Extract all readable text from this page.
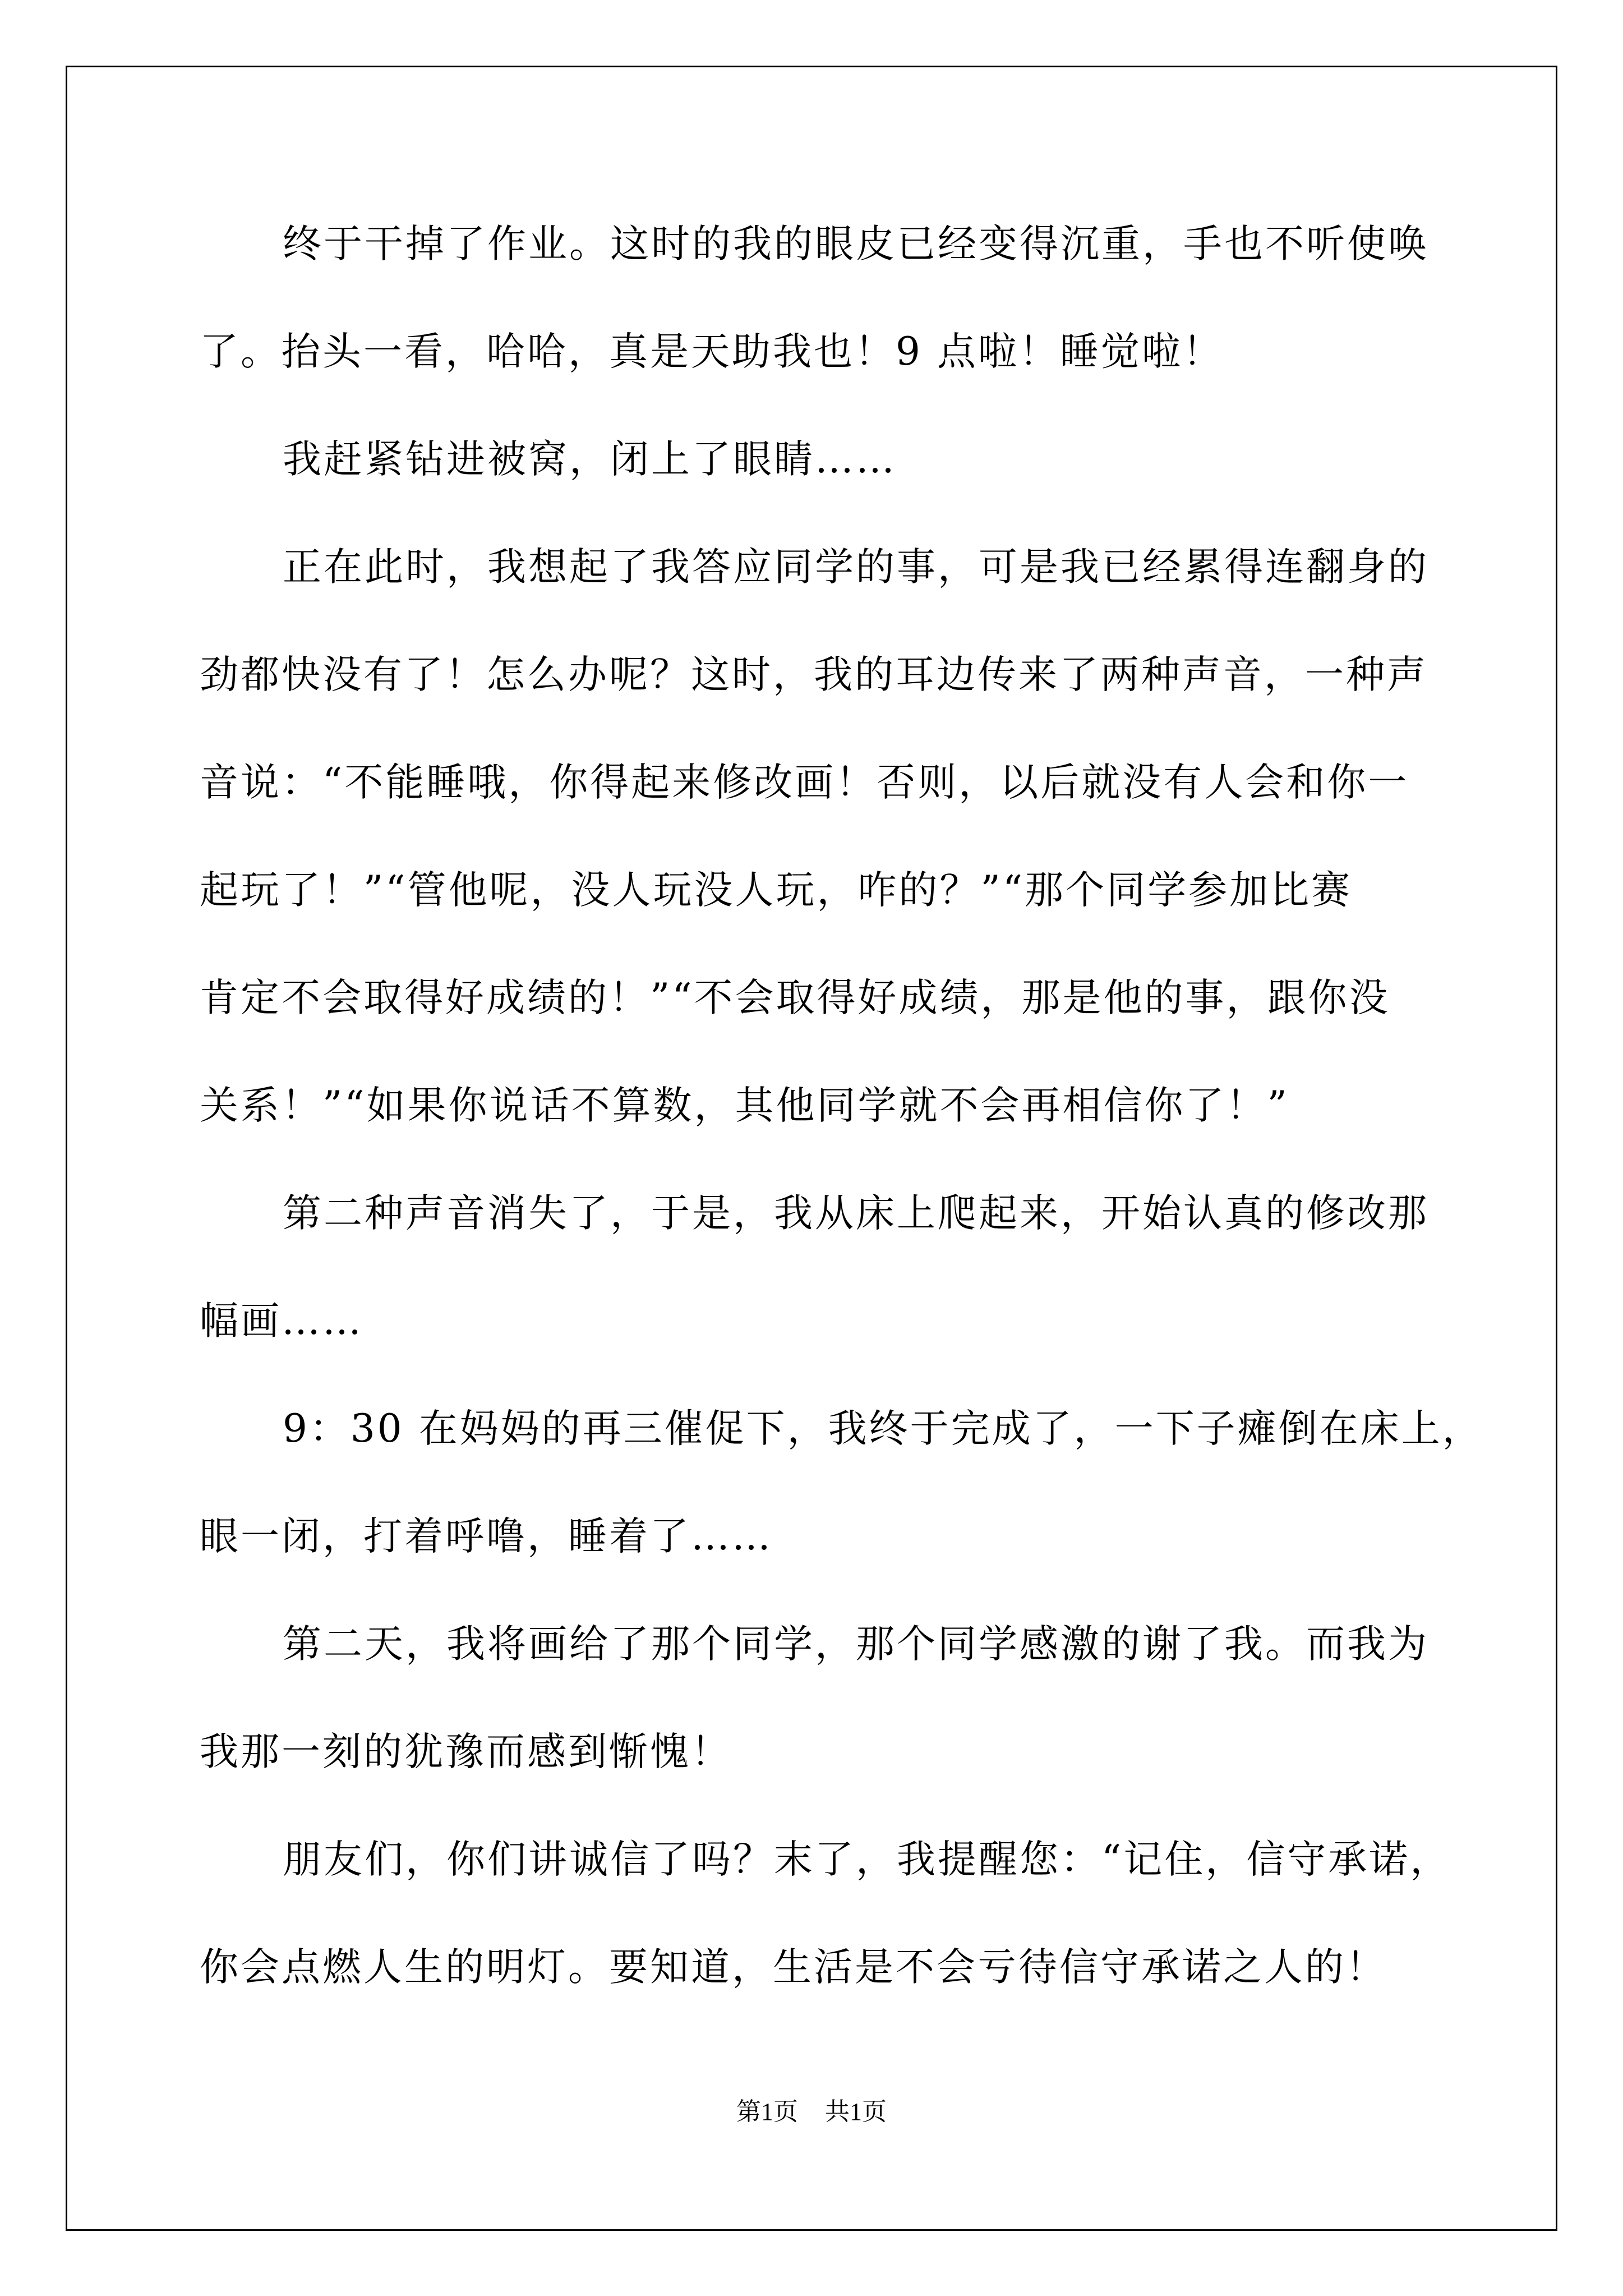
终于干掉了作业。这时的我的眼皮已经变得沉重，手也不听使唤
了。抬头一看，哈哈，真是天助我也！9 点啦！睡觉啦！
我赶紧钻进被窝，闭上了眼睛……
正在此时，我想起了我答应同学的事，可是我已经累得连翻身的
劲都快没有了！怎么办呢？这时，我的耳边传来了两种声音，一种声
音说：“不能睡哦，你得起来修改画！否则，以后就没有人会和你一
起玩了！”“管他呢，没人玩没人玩，咋的？”“那个同学参加比赛
肯定不会取得好成绩的！”“不会取得好成绩，那是他的事，跟你没
关系！”“如果你说话不算数，其他同学就不会再相信你了！”
第二种声音消失了，于是，我从床上爬起来，开始认真的修改那
幅画……
9：30 在妈妈的再三催促下，我终于完成了，一下子瘫倒在床上，
眼一闭，打着呼噜，睡着了……
第二天，我将画给了那个同学，那个同学感激的谢了我。而我为
我那一刻的犹豫而感到惭愧！
朋友们，你们讲诚信了吗？末了，我提醒您：“记住，信守承诺，
你会点燃人生的明灯。要知道，生活是不会亏待信守承诺之人的！
第1页 共1页
